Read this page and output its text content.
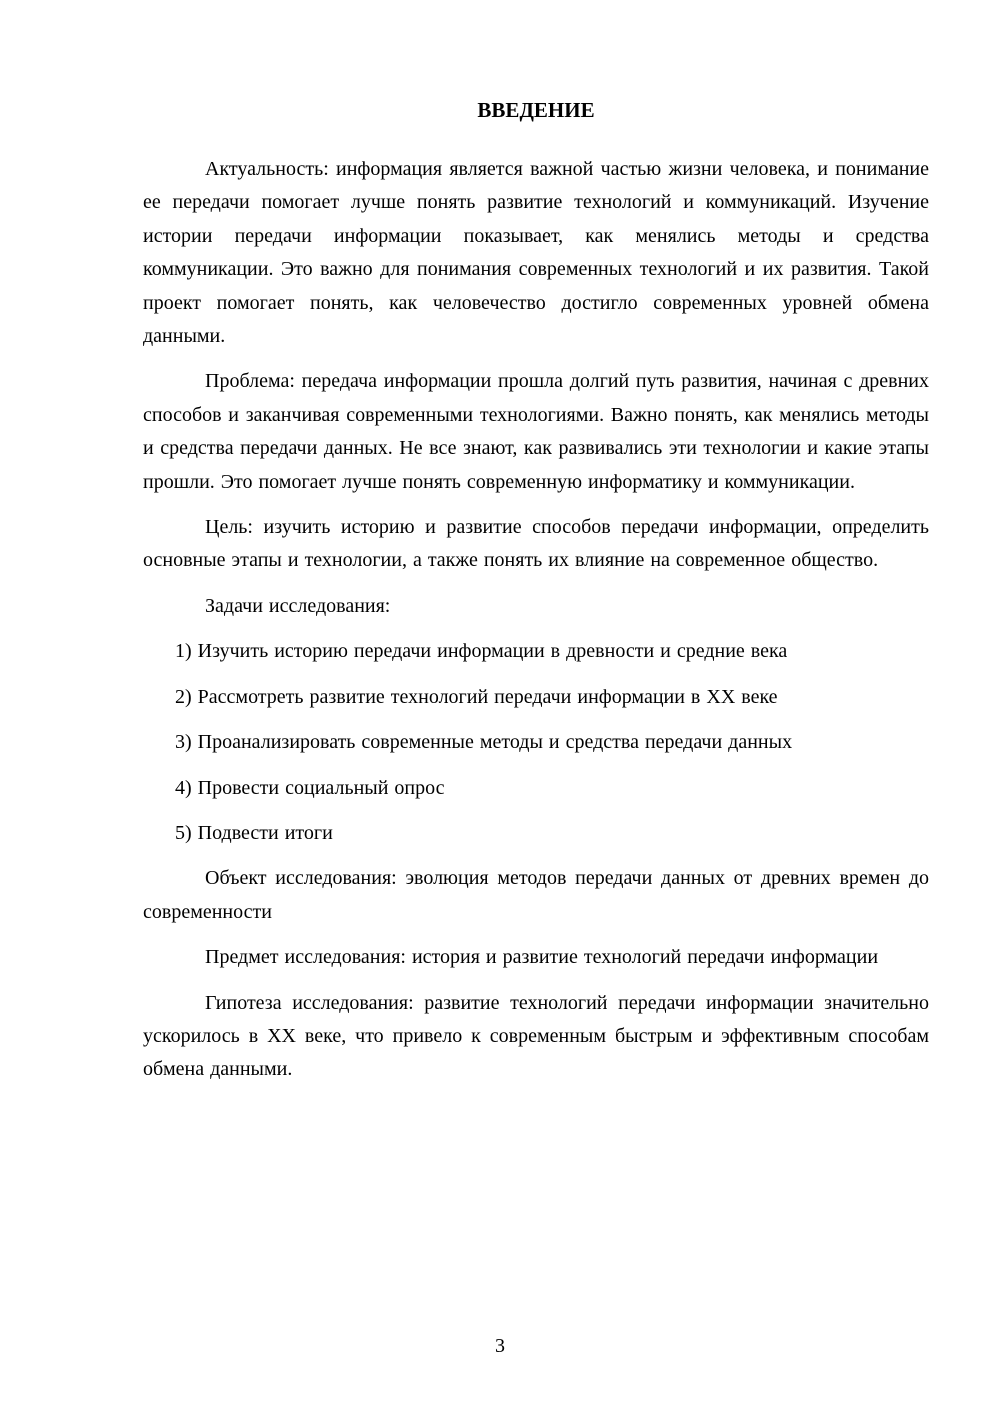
ВВЕДЕНИЕ

Актуальность: информация является важной частью жизни человека, и понимание ее передачи помогает лучше понять развитие технологий и коммуникаций. Изучение истории передачи информации показывает, как менялись методы и средства коммуникации. Это важно для понимания современных технологий и их развития. Такой проект помогает понять, как человечество достигло современных уровней обмена данными.

Проблема: передача информации прошла долгий путь развития, начиная с древних способов и заканчивая современными технологиями. Важно понять, как менялись методы и средства передачи данных. Не все знают, как развивались эти технологии и какие этапы прошли. Это помогает лучше понять современную информатику и коммуникации.

Цель: изучить историю и развитие способов передачи информации, определить основные этапы и технологии, а также понять их влияние на современное общество.

Задачи исследования:

1) Изучить историю передачи информации в древности и средние века

2) Рассмотреть развитие технологий передачи информации в XX веке

3) Проанализировать современные методы и средства передачи данных

4) Провести социальный опрос

5) Подвести итоги

Объект исследования: эволюция методов передачи данных от древних времен до современности

Предмет исследования: история и развитие технологий передачи информации

Гипотеза исследования: развитие технологий передачи информации значительно ускорилось в XX веке, что привело к современным быстрым и эффективным способам обмена данными.

3
